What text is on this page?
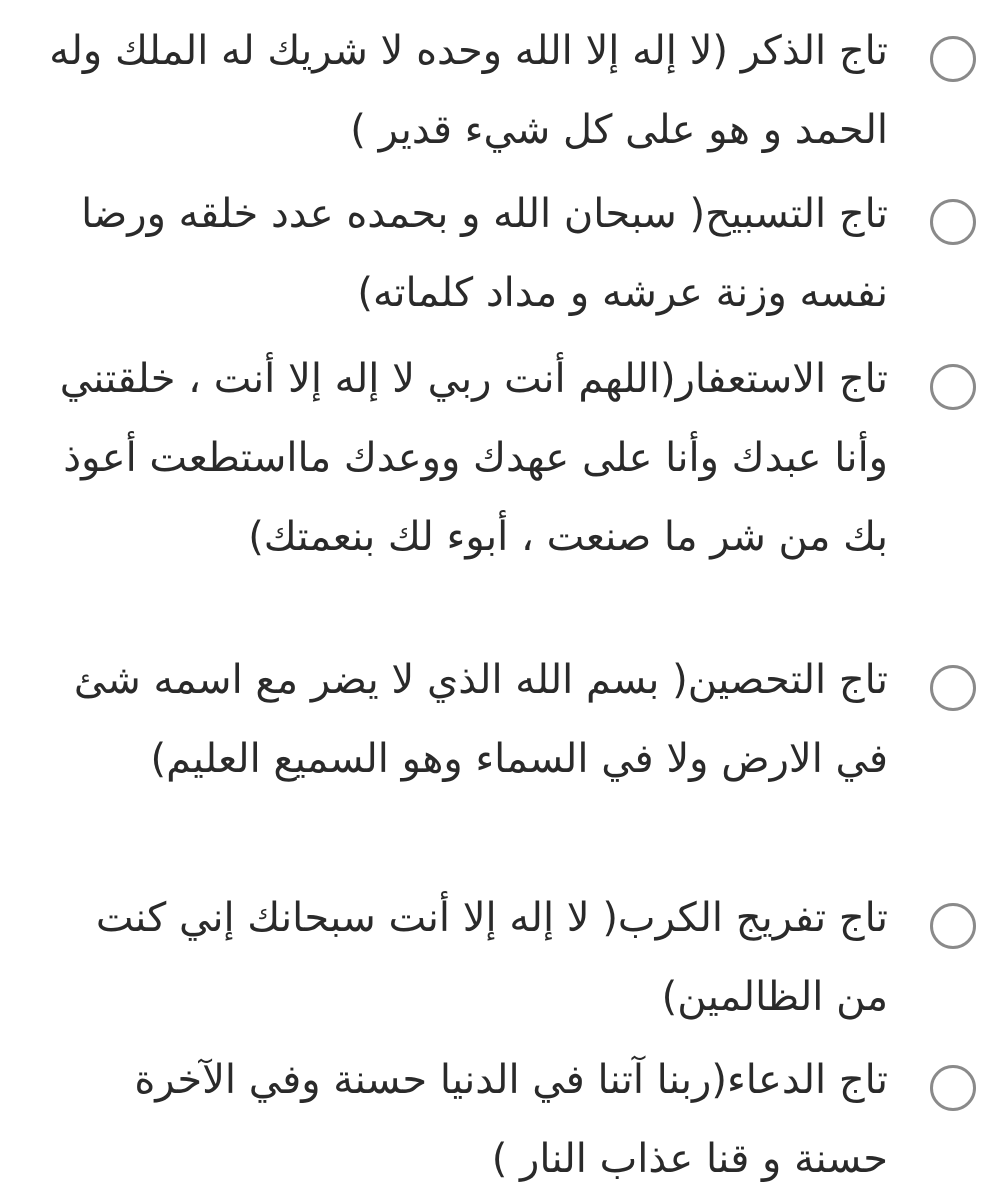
تاج الذكر (لا إله إلا الله وحده لا شريك له الملك وله الحمد و هو على كل شيء قدير )
تاج التسبيح( سبحان الله و بحمده عدد خلقه ورضا نفسه وزنة عرشه و مداد كلماته)
تاج الاستعفار(اللهم أنت ربي لا إله إلا أنت ، خلقتني وأنا عبدك وأنا على عهدك ووعدك مااستطعت أعوذ بك من شر ما صنعت ، أبوء لك بنعمتك)
تاج التحصين( بسم الله الذي لا يضر مع اسمه شئ في الارض ولا في السماء وهو السميع العليم)
تاج تفريج الكرب( لا إله إلا أنت سبحانك إني كنت من الظالمين)
تاج الدعاء(ربنا آتنا في الدنيا حسنة وفي الآخرة حسنة و قنا عذاب النار )
